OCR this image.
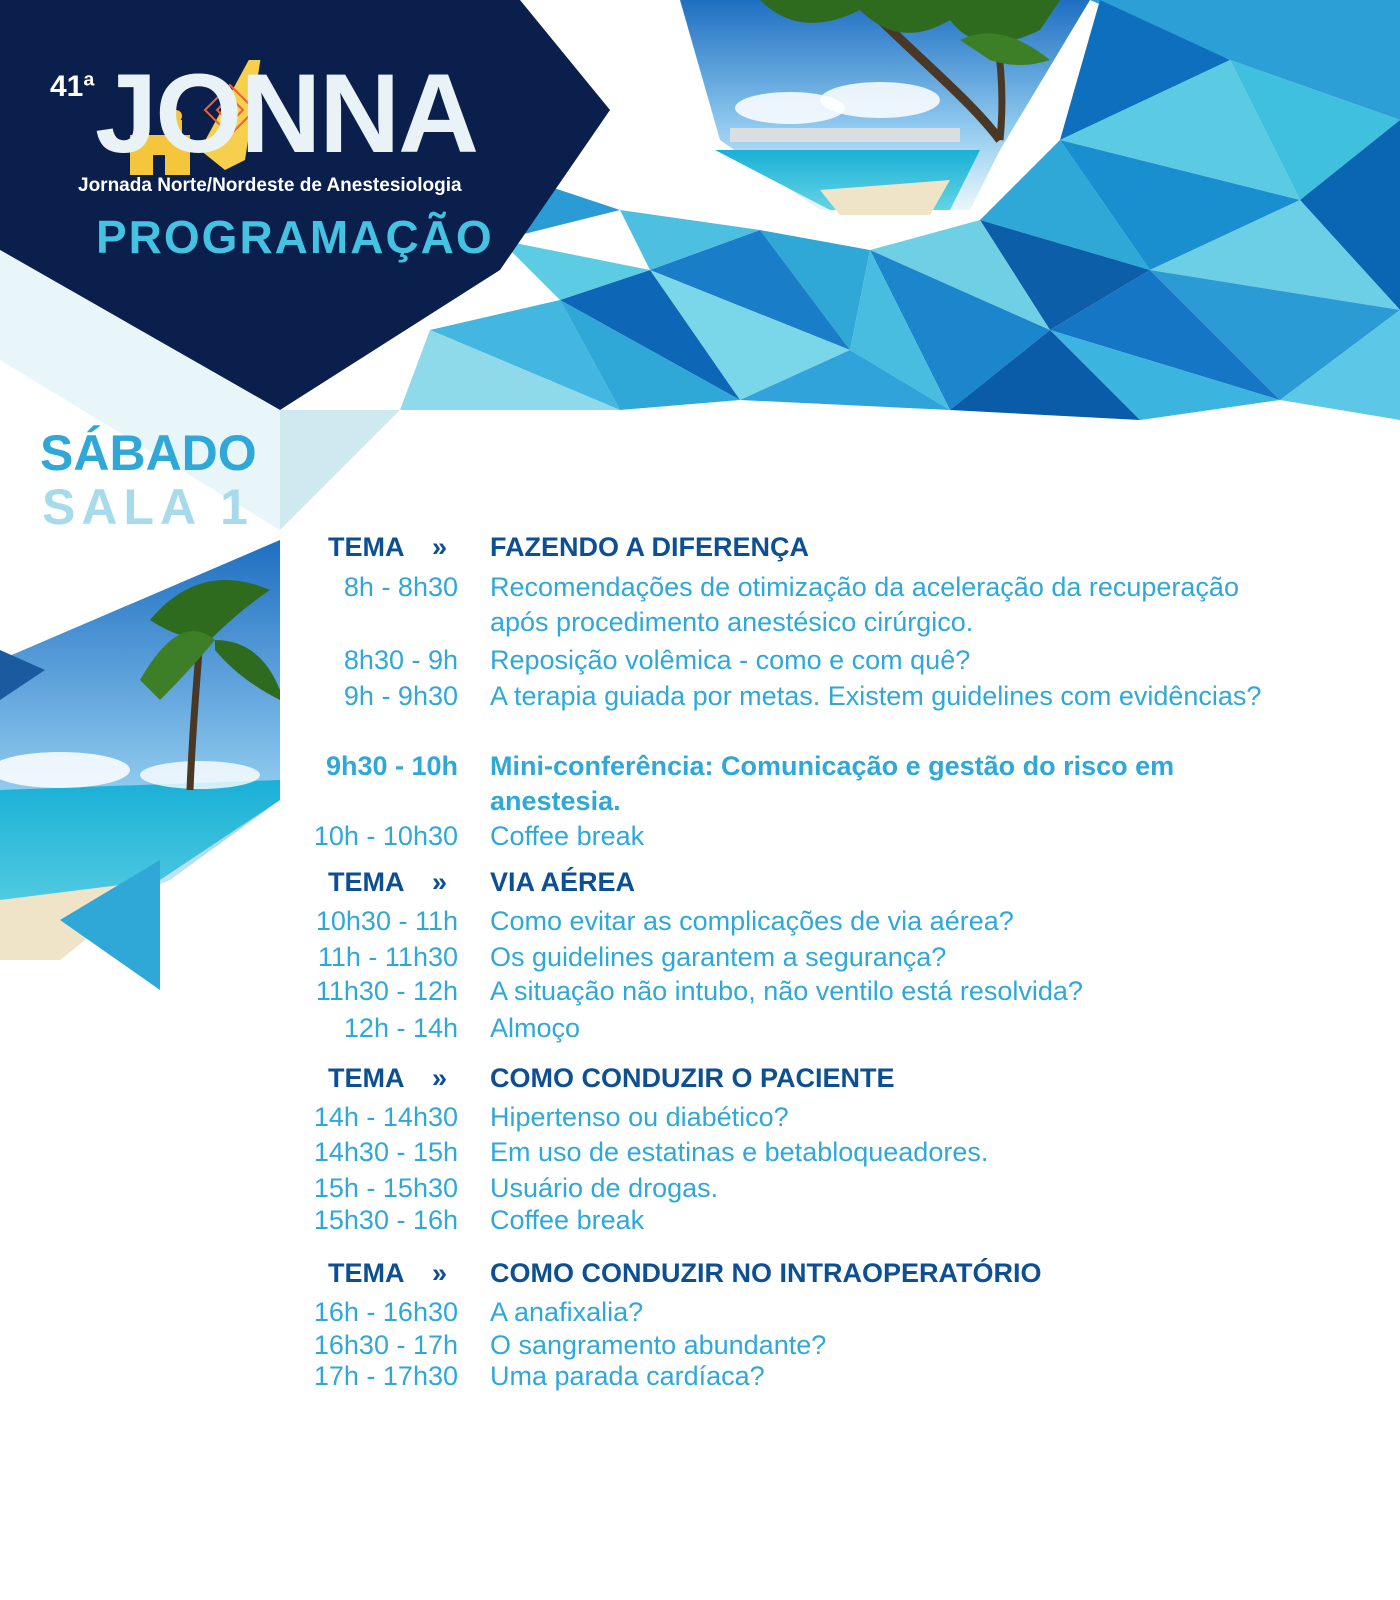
41ª JONNA
Jornada Norte/Nordeste de Anestesiologia
PROGRAMAÇÃO
SÁBADO
SALA 1
TEMA » FAZENDO A DIFERENÇA
8h - 8h30 Recomendações de otimização da aceleração da recuperação após procedimento anestésico cirúrgico.
8h30 - 9h Reposição volêmica - como e com quê?
9h - 9h30 A terapia guiada por metas. Existem guidelines com evidências?
9h30 - 10h Mini-conferência: Comunicação e gestão do risco em anestesia.
10h - 10h30 Coffee break
TEMA » VIA AÉREA
10h30 - 11h Como evitar as complicações de via aérea?
11h - 11h30 Os guidelines garantem a segurança?
11h30 - 12h A situação não intubo, não ventilo está resolvida?
12h - 14h Almoço
TEMA » COMO CONDUZIR O PACIENTE
14h - 14h30 Hipertenso ou diabético?
14h30 - 15h Em uso de estatinas e betabloqueadores.
15h - 15h30 Usuário de drogas.
15h30 - 16h Coffee break
TEMA » COMO CONDUZIR NO INTRAOPERATÓRIO
16h - 16h30 A anafixalia?
16h30 - 17h O sangramento abundante?
17h - 17h30 Uma parada cardíaca?
